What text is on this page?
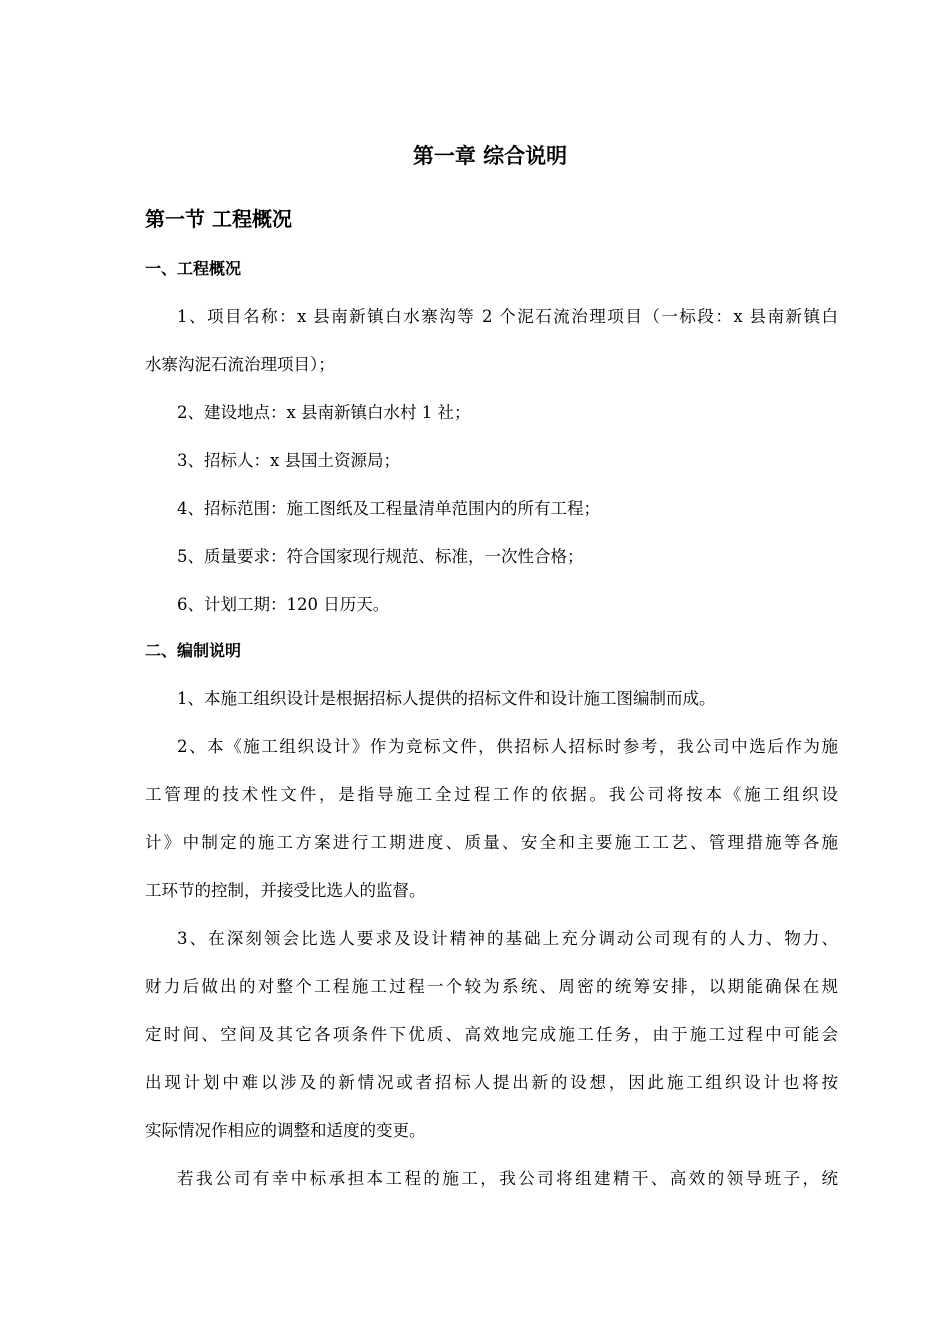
第一章 综合说明
第一节 工程概况
一、工程概况
1、项目名称：x 县南新镇白水寨沟等 2 个泥石流治理项目（一标段：x 县南新镇白
水寨沟泥石流治理项目）；
2、建设地点：x 县南新镇白水村 1 社；
3、招标人：x 县国土资源局；
4、招标范围：施工图纸及工程量清单范围内的所有工程；
5、质量要求：符合国家现行规范、标准，一次性合格；
6、计划工期：120 日历天。
二、编制说明
1、本施工组织设计是根据招标人提供的招标文件和设计施工图编制而成。
2、本《施工组织设计》作为竞标文件，供招标人招标时参考，我公司中选后作为施
工管理的技术性文件，是指导施工全过程工作的依据。我公司将按本《施工组织设
计》中制定的施工方案进行工期进度、质量、安全和主要施工工艺、管理措施等各施
工环节的控制，并接受比选人的监督。
3、在深刻领会比选人要求及设计精神的基础上充分调动公司现有的人力、物力、
财力后做出的对整个工程施工过程一个较为系统、周密的统筹安排，以期能确保在规
定时间、空间及其它各项条件下优质、高效地完成施工任务，由于施工过程中可能会
出现计划中难以涉及的新情况或者招标人提出新的设想，因此施工组织设计也将按
实际情况作相应的调整和适度的变更。
若我公司有幸中标承担本工程的施工，我公司将组建精干、高效的领导班子，统
